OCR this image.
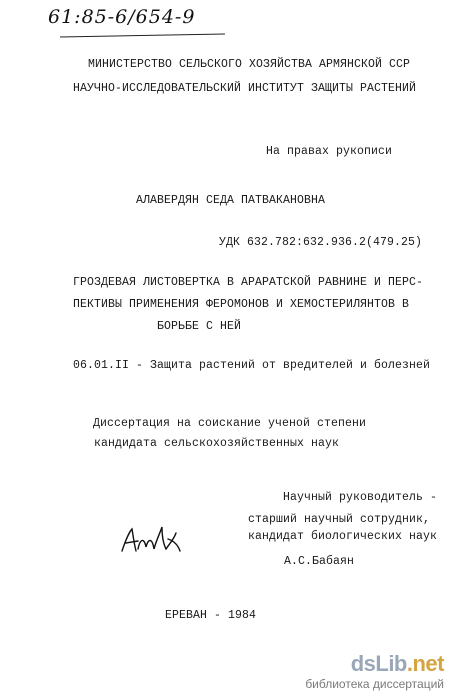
61:85-6/654-9
МИНИСТЕРСТВО СЕЛЬСКОГО ХОЗЯЙСТВА АРМЯНСКОЙ ССР
НАУЧНО-ИССЛЕДОВАТЕЛЬСКИЙ ИНСТИТУТ ЗАЩИТЫ РАСТЕНИЙ
На правах рукописи
АЛАВЕРДЯН СЕДА ПАТВАКАНОВНА
УДК 632.782:632.936.2(479.25)
ГРОЗДЕВАЯ ЛИСТОВЕРТКА В АРАРАТСКОЙ РАВНИНЕ И ПЕРС-
ПЕКТИВЫ ПРИМЕНЕНИЯ ФЕРОМОНОВ И ХЕМОСТЕРИЛЯНТОВ В
БОРЬБЕ С НЕЙ
06.01.II - Защита растений от вредителей и болезней
Диссертация на соискание ученой степени
кандидата сельскохозяйственных наук
Научный руководитель -
старший научный сотрудник,
кандидат биологических наук
А.С.Бабаян
ЕРЕВАН - 1984
dsLib.net
библиотека диссертаций
